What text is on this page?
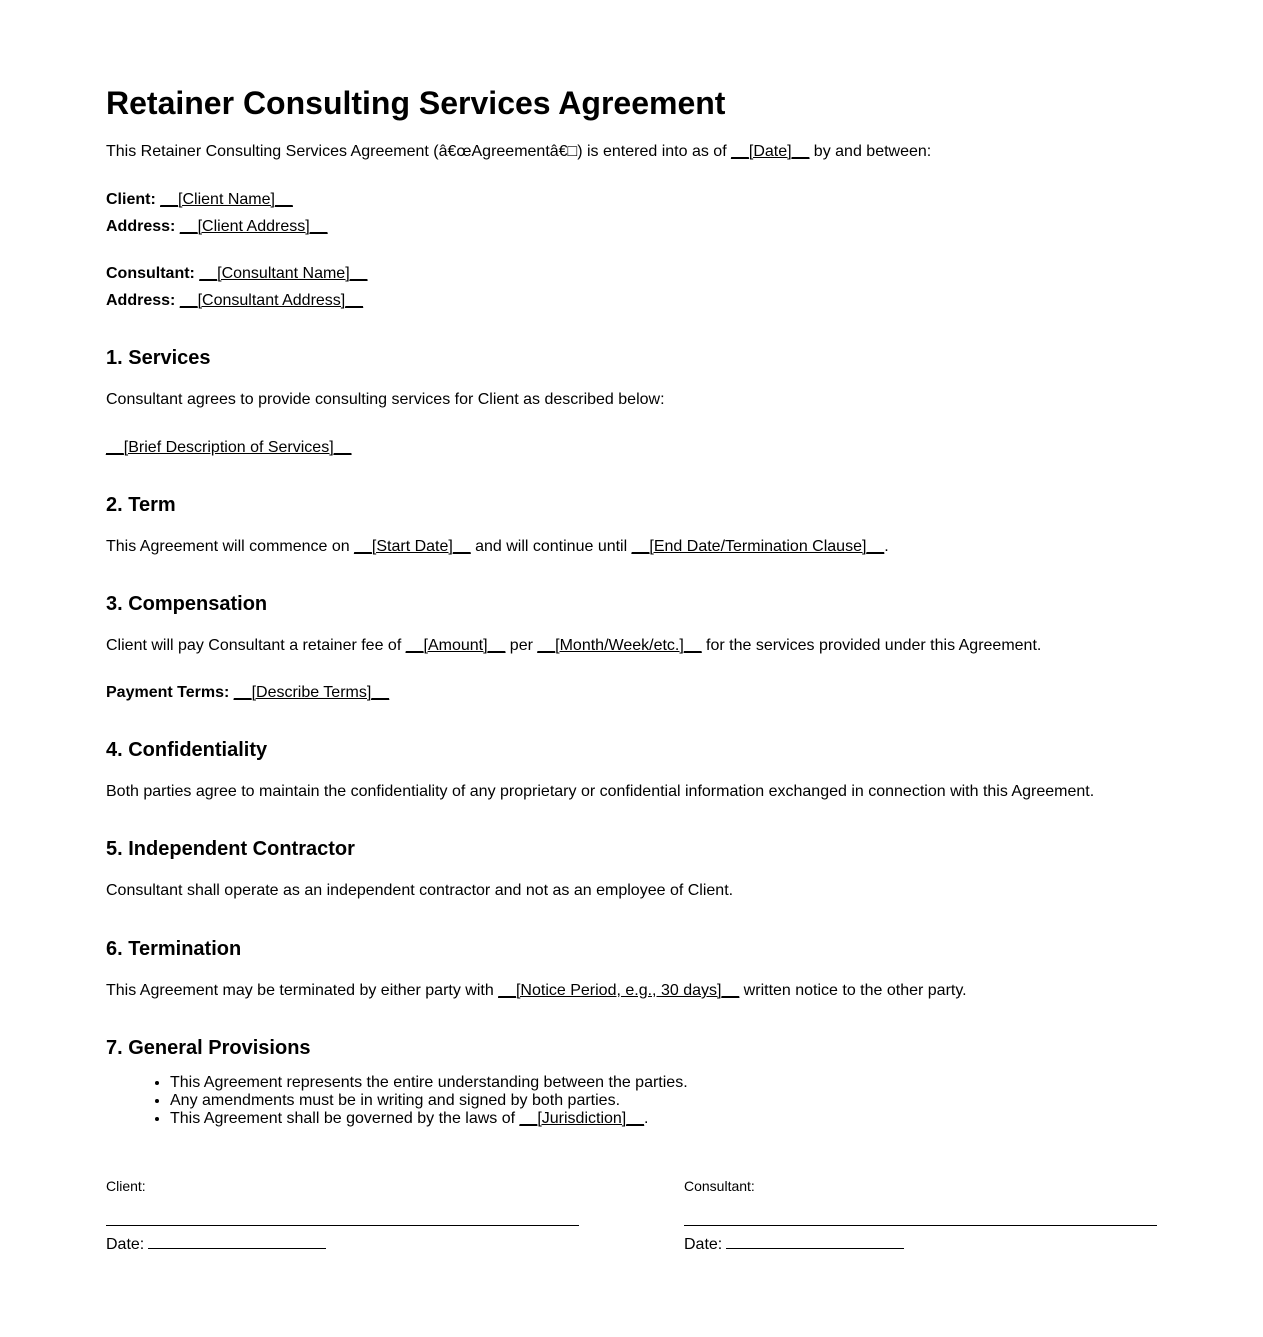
Retainer Consulting Services Agreement
This Retainer Consulting Services Agreement (â€œAgreementâ€□) is entered into as of __[Date]__ by and between:
Client: __[Client Name]__
Address: __[Client Address]__
Consultant: __[Consultant Name]__
Address: __[Consultant Address]__
1. Services
Consultant agrees to provide consulting services for Client as described below:
__[Brief Description of Services]__
2. Term
This Agreement will commence on __[Start Date]__ and will continue until __[End Date/Termination Clause]__.
3. Compensation
Client will pay Consultant a retainer fee of __[Amount]__ per __[Month/Week/etc.]__ for the services provided under this Agreement.
Payment Terms: __[Describe Terms]__
4. Confidentiality
Both parties agree to maintain the confidentiality of any proprietary or confidential information exchanged in connection with this Agreement.
5. Independent Contractor
Consultant shall operate as an independent contractor and not as an employee of Client.
6. Termination
This Agreement may be terminated by either party with __[Notice Period, e.g., 30 days]__ written notice to the other party.
7. General Provisions
• This Agreement represents the entire understanding between the parties.
• Any amendments must be in writing and signed by both parties.
• This Agreement shall be governed by the laws of __[Jurisdiction]__.
Client:
Date:
Consultant:
Date:
